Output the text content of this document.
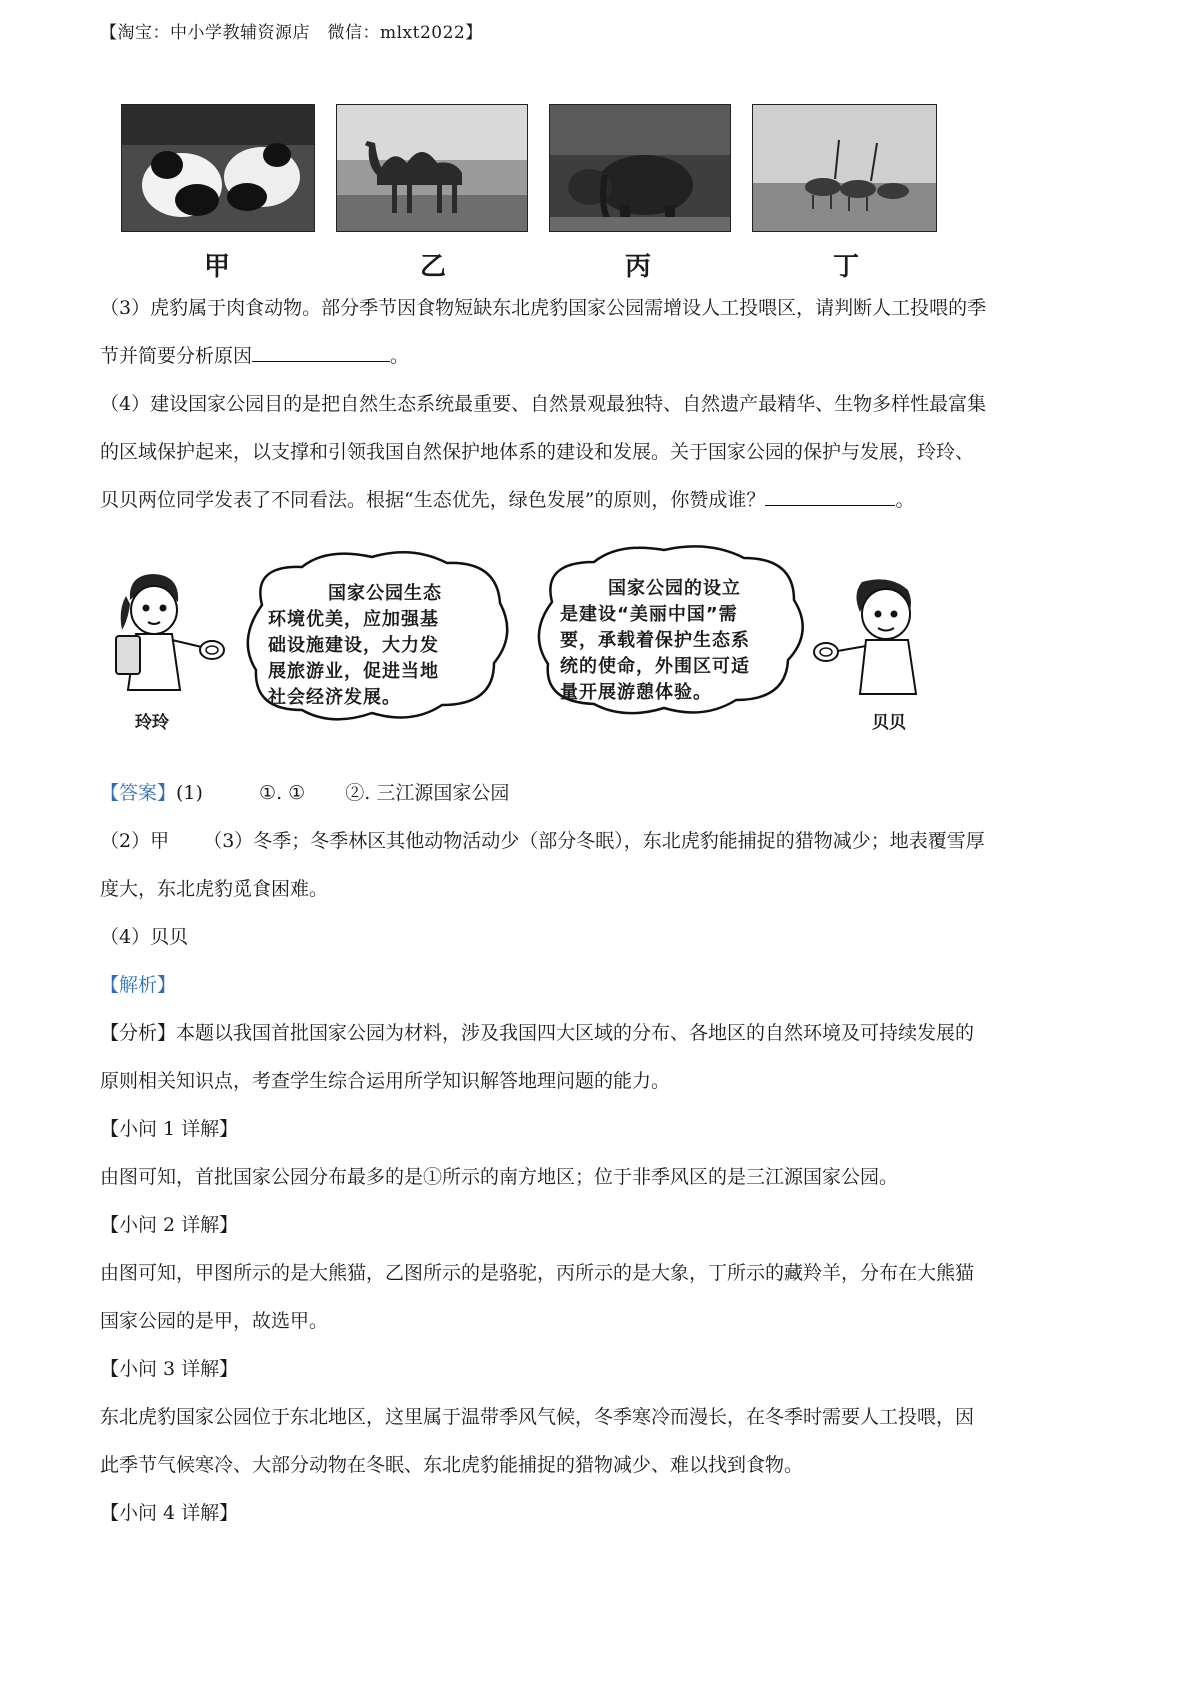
【淘宝：中小学教辅资源店　微信：mlxt2022】
甲	乙	丙	丁
（3）虎豹属于肉食动物。部分季节因食物短缺东北虎豹国家公园需增设人工投喂区，请判断人工投喂的季
节并简要分析原因	。
（4）建设国家公园目的是把自然生态系统最重要、自然景观最独特、自然遗产最精华、生物多样性最富集
的区域保护起来，以支撑和引领我国自然保护地体系的建设和发展。关于国家公园的保护与发展，玲玲、
贝贝两位同学发表了不同看法。根据“生态优先，绿色发展”的原则，你赞成谁？	。
玲玲
国家公园生态
环境优美，应加强基
础设施建设，大力发
展旅游业，促进当地
社会经济发展。
国家公园的设立
是建设“美丽中国”需
要，承载着保护生态系
统的使命，外围区可适
量开展游憩体验。
贝贝
【答案】(1)	①. ① ②. 三江源国家公园
（2）甲 （3）冬季；冬季林区其他动物活动少（部分冬眠），东北虎豹能捕捉的猎物减少；地表覆雪厚
度大，东北虎豹觅食困难。
（4）贝贝
【解析】
【分析】本题以我国首批国家公园为材料，涉及我国四大区域的分布、各地区的自然环境及可持续发展的
原则相关知识点，考查学生综合运用所学知识解答地理问题的能力。
【小问 1 详解】
由图可知，首批国家公园分布最多的是①所示的南方地区；位于非季风区的是三江源国家公园。
【小问 2 详解】
由图可知，甲图所示的是大熊猫，乙图所示的是骆驼，丙所示的是大象，丁所示的藏羚羊，分布在大熊猫
国家公园的是甲，故选甲。
【小问 3 详解】
东北虎豹国家公园位于东北地区，这里属于温带季风气候，冬季寒冷而漫长，在冬季时需要人工投喂，因
此季节气候寒冷、大部分动物在冬眠、东北虎豹能捕捉的猎物减少、难以找到食物。
【小问 4 详解】
